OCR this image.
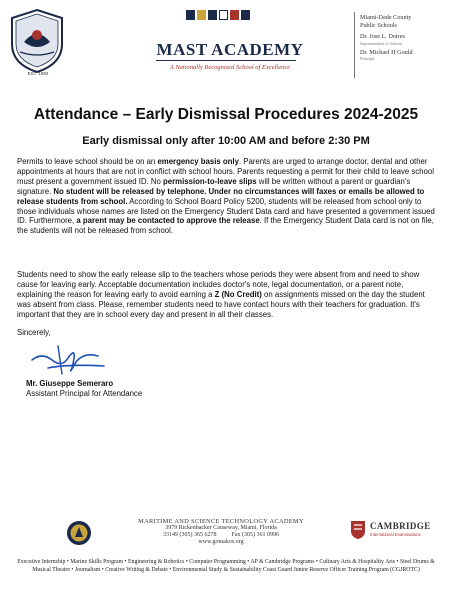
EST. 1992
MAST ACADEMY
A Nationally Recognized School of Excellence
Miami-Dade County
Public Schools
Dr. Jose L. Dotres
Superintendent of Schools
Dr. Michael H Gould
Principal
Attendance – Early Dismissal Procedures 2024-2025
Early dismissal only after 10:00 AM and before 2:30 PM
Permits to leave school should be on an emergency basis only. Parents are urged to arrange doctor, dental and other appointments at hours that are not in conflict with school hours. Parents requesting a permit for their child to leave school must present a government issued ID. No permission-to-leave slips will be written without a parent or guardian's signature. No student will be released by telephone. Under no circumstances will faxes or emails be allowed to release students from school. According to School Board Policy 5200, students will be released from school only to those individuals whose names are listed on the Emergency Student Data card and have presented a government issued ID. Furthermore, a parent may be contacted to approve the release. If the Emergency Student Data card is not on file, the students will not be released from school.
Students need to show the early release slip to the teachers whose periods they were absent from and need to show cause for leaving early. Acceptable documentation includes doctor's note, legal documentation, or a parent note, explaining the reason for leaving early to avoid earning a Z (No Credit) on assignments missed on the day the student was absent from class. Please, remember students need to have contact hours with their teachers for graduation. It's important that they are in school every day and present in all their classes.
Sincerely,
Mr. Giuseppe Semeraro
Assistant Principal for Attendance
MARITIME AND SCIENCE TECHNOLOGY ACADEMY
3979 Rickenbacker Causeway, Miami, Florida
33149 (305) 365 6278          Fax (305) 361 0996
www.gomakos.org
CAMBRIDGE
International Examinations
Executive Internship • Marine Skills Program • Engineering & Robotics • Computer Programming • AP & Cambridge Programs • Culinary Arts & Hospitality Arts • Steel Drums & Musical Theatre • Journalism • Creative Writing & Debate • Environmental Study & Sustainability Coast Guard Junior Reserve Officer Training Program (CGJROTC)
